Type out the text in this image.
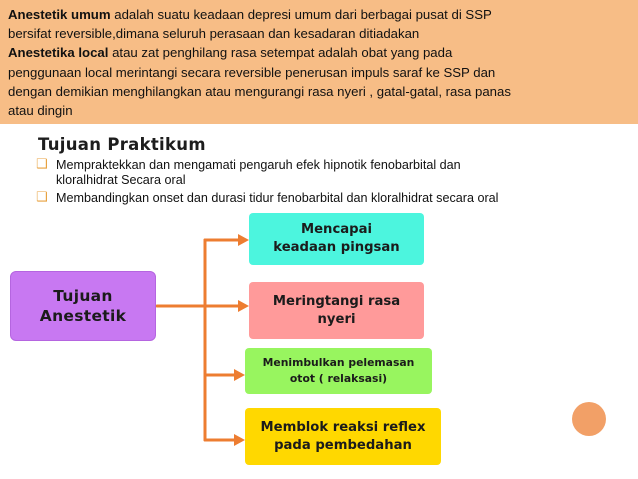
Anestetik umum adalah suatu keadaan depresi umum dari berbagai pusat di SSP
bersifat reversible,dimana seluruh perasaan dan kesadaran ditiadakan
Anestetika local atau zat penghilang rasa setempat adalah obat yang pada
penggunaan local merintangi secara reversible penerusan impuls saraf ke SSP dan
dengan demikian menghilangkan atau mengurangi rasa nyeri , gatal-gatal, rasa panas
atau dingin
Tujuan Praktikum
❑ Mempraktekkan dan mengamati pengaruh efek hipnotik fenobarbital dan
kloralhidrat Secara oral
❑ Membandingkan onset dan durasi tidur fenobarbital dan kloralhidrat secara oral
Tujuan
Anestetik
Mencapai
keadaan pingsan
Meringtangi rasa
nyeri
Menimbulkan pelemasan
otot ( relaksasi)
Memblok reaksi reflex
pada pembedahan
